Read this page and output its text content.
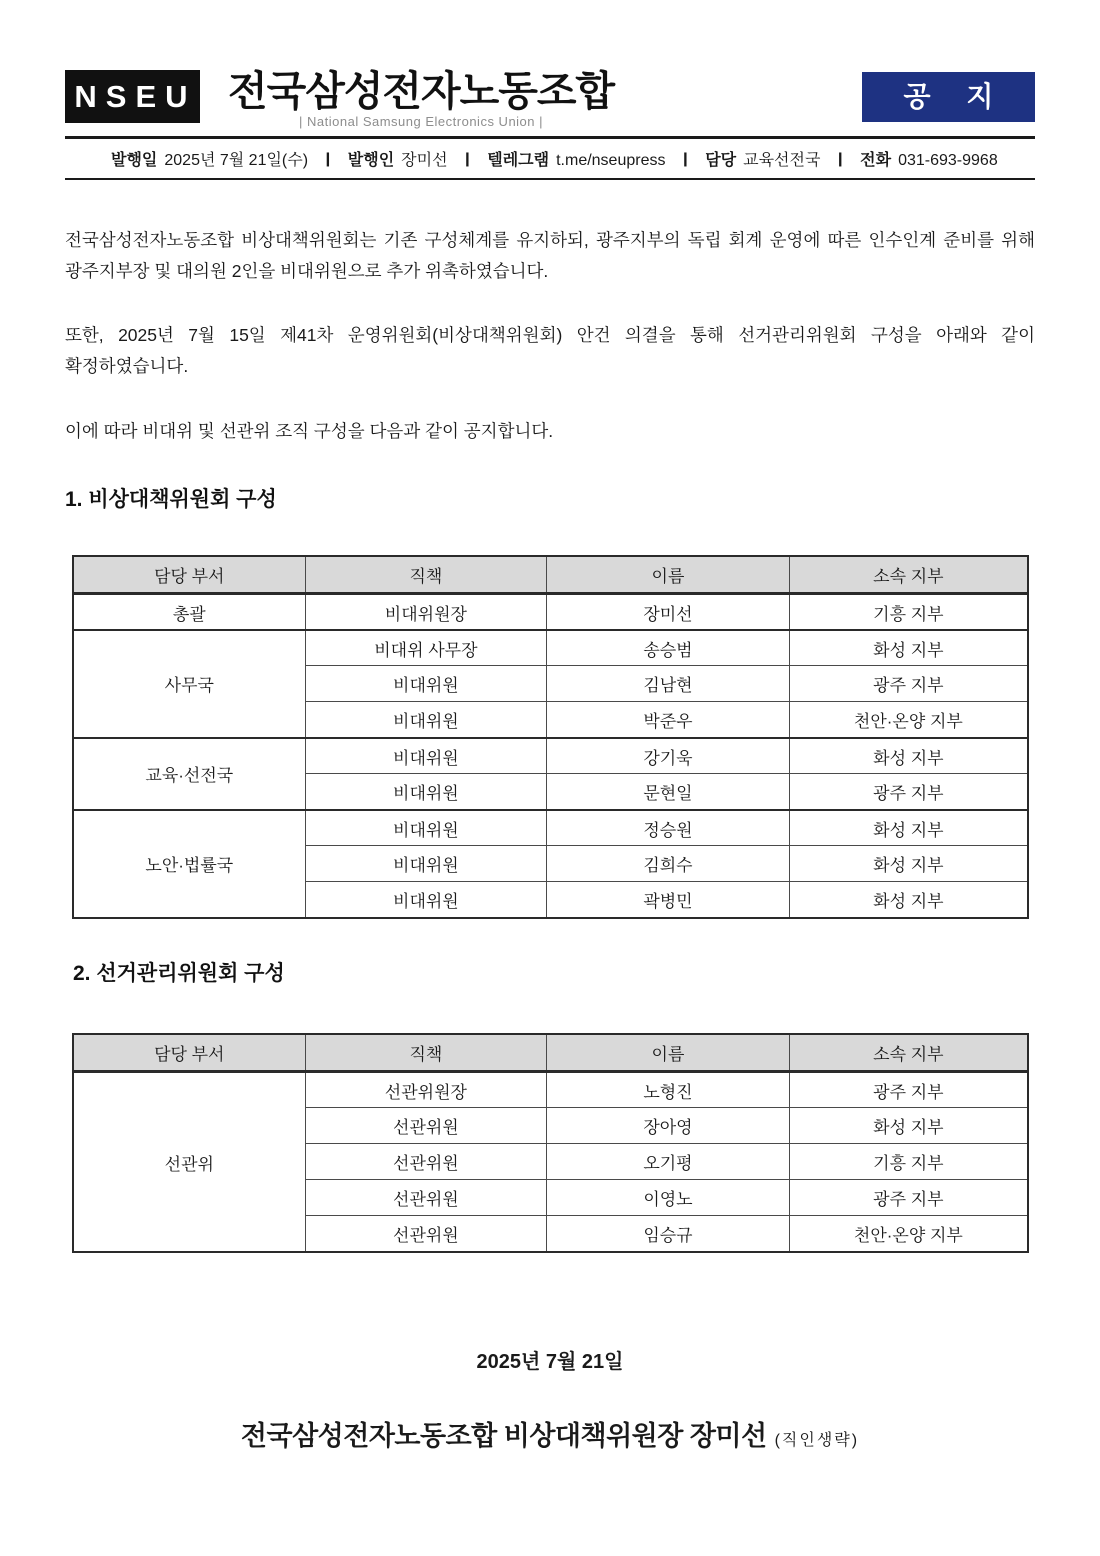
NSEU 전국삼성전자노동조합
| National Samsung Electronics Union |
공 지
발행일 2025년 7월 21일(수) ❙ 발행인 장미선 ❙ 텔레그램 t.me/nseupress ❙ 담당 교육선전국 ❙ 전화 031-693-9968

전국삼성전자노동조합 비상대책위원회는 기존 구성체계를 유지하되, 광주지부의 독립 회계 운영에 따른 인수인계 준비를 위해 광주지부장 및 대의원 2인을 비대위원으로 추가 위촉하였습니다.

또한, 2025년 7월 15일 제41차 운영위원회(비상대책위원회) 안건 의결을 통해 선거관리위원회 구성을 아래와 같이 확정하였습니다.

이에 따라 비대위 및 선관위 조직 구성을 다음과 같이 공지합니다.

1. 비상대책위원회 구성
담당 부서	직책	이름	소속 지부
총괄	비대위원장	장미선	기흥 지부
사무국	비대위 사무장	송승범	화성 지부
	비대위원	김남현	광주 지부
	비대위원	박준우	천안·온양 지부
교육·선전국	비대위원	강기욱	화성 지부
	비대위원	문현일	광주 지부
노안·법률국	비대위원	정승원	화성 지부
	비대위원	김희수	화성 지부
	비대위원	곽병민	화성 지부
2. 선거관리위원회 구성
담당 부서	직책	이름	소속 지부
선관위	선관위원장	노형진	광주 지부
	선관위원	장아영	화성 지부
	선관위원	오기평	기흥 지부
	선관위원	이영노	광주 지부
	선관위원	임승규	천안·온양 지부
2025년 7월 21일
전국삼성전자노동조합 비상대책위원장 장미선 (직인생략)
